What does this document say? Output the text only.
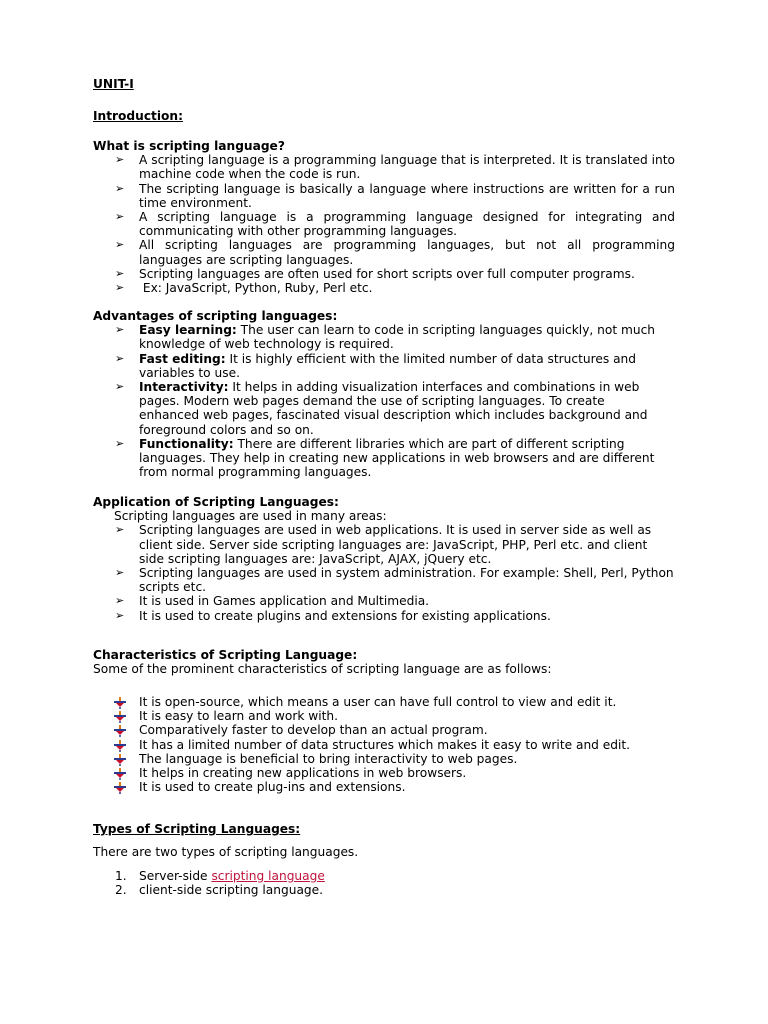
UNIT-I
Introduction:
What is scripting language?
➢ A scripting language is a programming language that is interpreted. It is translated into machine code when the code is run.
➢ The scripting language is basically a language where instructions are written for a run time environment.
➢ A scripting language is a programming language designed for integrating and communicating with other programming languages.
➢ All scripting languages are programming languages, but not all programming languages are scripting languages.
➢ Scripting languages are often used for short scripts over full computer programs.
➢ Ex: JavaScript, Python, Ruby, Perl etc.
Advantages of scripting languages:
➢ Easy learning: The user can learn to code in scripting languages quickly, not much knowledge of web technology is required.
➢ Fast editing: It is highly efficient with the limited number of data structures and variables to use.
➢ Interactivity: It helps in adding visualization interfaces and combinations in web pages. Modern web pages demand the use of scripting languages. To create enhanced web pages, fascinated visual description which includes background and foreground colors and so on.
➢ Functionality: There are different libraries which are part of different scripting languages. They help in creating new applications in web browsers and are different from normal programming languages.
Application of Scripting Languages:
Scripting languages are used in many areas:
➢ Scripting languages are used in web applications. It is used in server side as well as client side. Server side scripting languages are: JavaScript, PHP, Perl etc. and client side scripting languages are: JavaScript, AJAX, jQuery etc.
➢ Scripting languages are used in system administration. For example: Shell, Perl, Python scripts etc.
➢ It is used in Games application and Multimedia.
➢ It is used to create plugins and extensions for existing applications.
Characteristics of Scripting Language:
Some of the prominent characteristics of scripting language are as follows:
It is open-source, which means a user can have full control to view and edit it.
It is easy to learn and work with.
Comparatively faster to develop than an actual program.
It has a limited number of data structures which makes it easy to write and edit.
The language is beneficial to bring interactivity to web pages.
It helps in creating new applications in web browsers.
It is used to create plug-ins and extensions.
Types of Scripting Languages:
There are two types of scripting languages.
1. Server-side scripting language
2. client-side scripting language.
